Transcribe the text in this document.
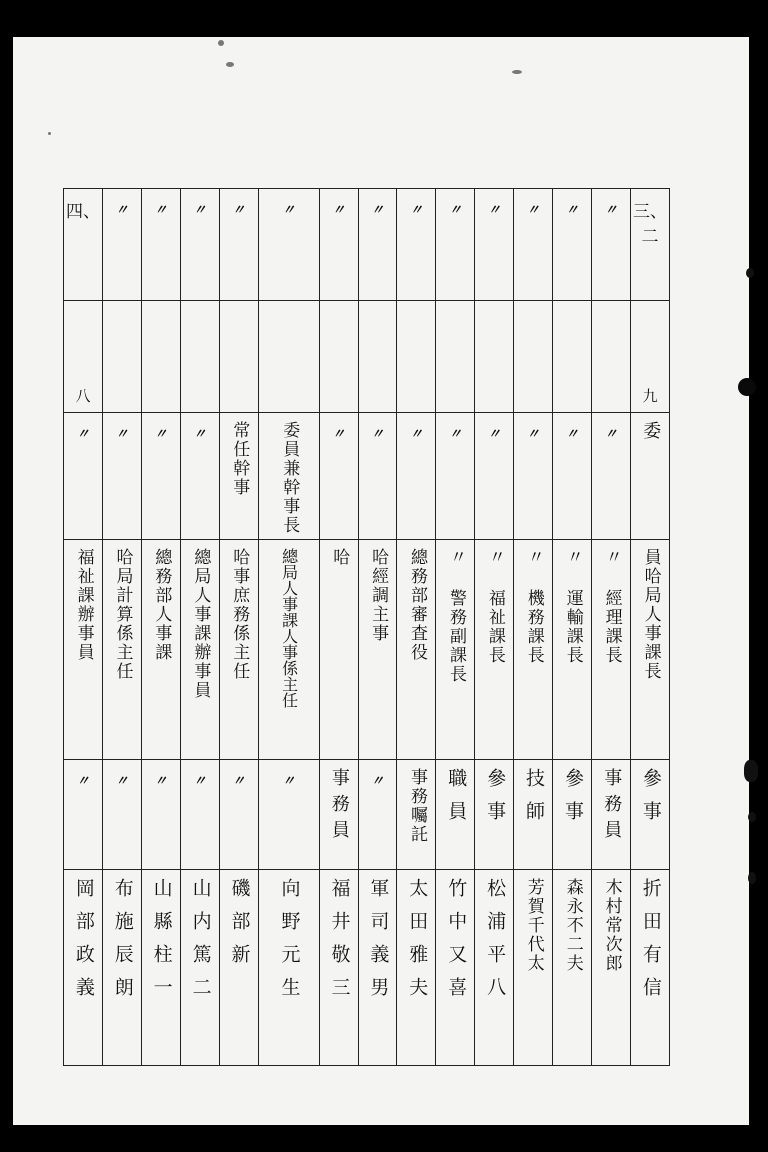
四、	〃	〃	〃	〃	〃	〃	〃	〃	〃	〃	〃	〃	〃	三、二

八														九

〃	〃	〃	〃	常任幹事	委員兼幹事長	〃	〃	〃	〃	〃	〃	〃	〃	委
福祉課辦事員	哈局計算係主任	總務部人事課	總局人事課辦事員	哈事庶務係主任	總局人事課人事係主任	哈	哈經調主事	總務部審査役	〃 警務副課長	〃 福祉課長	〃 機務課長	〃 運輸課長	〃 經理課長	員哈局人事課長
〃	〃	〃	〃	〃	〃	事務員	〃	事務囑託	職員	參事	技師	參事	事務員	參事
岡部政義	布施辰朗	山縣柱一	山内篤二	磯部新	向野元生	福井敬三	軍司義男	太田雅夫	竹中又喜	松浦平八	芳賀千代太	森永不二夫	木村常次郎	折田有信
